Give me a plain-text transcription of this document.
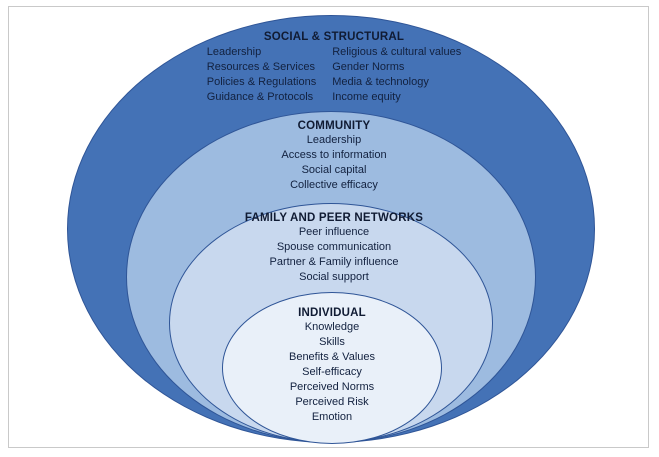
SOCIAL & STRUCTURAL
Leadership
Resources & Services
Policies & Regulations
Guidance & Protocols
Religious & cultural values
Gender Norms
Media & technology
Income equity
COMMUNITY
Leadership
Access to information
Social capital
Collective efficacy
FAMILY AND PEER NETWORKS
Peer influence
Spouse communication
Partner & Family influence
Social support
INDIVIDUAL
Knowledge
Skills
Benefits & Values
Self-efficacy
Perceived Norms
Perceived Risk
Emotion
